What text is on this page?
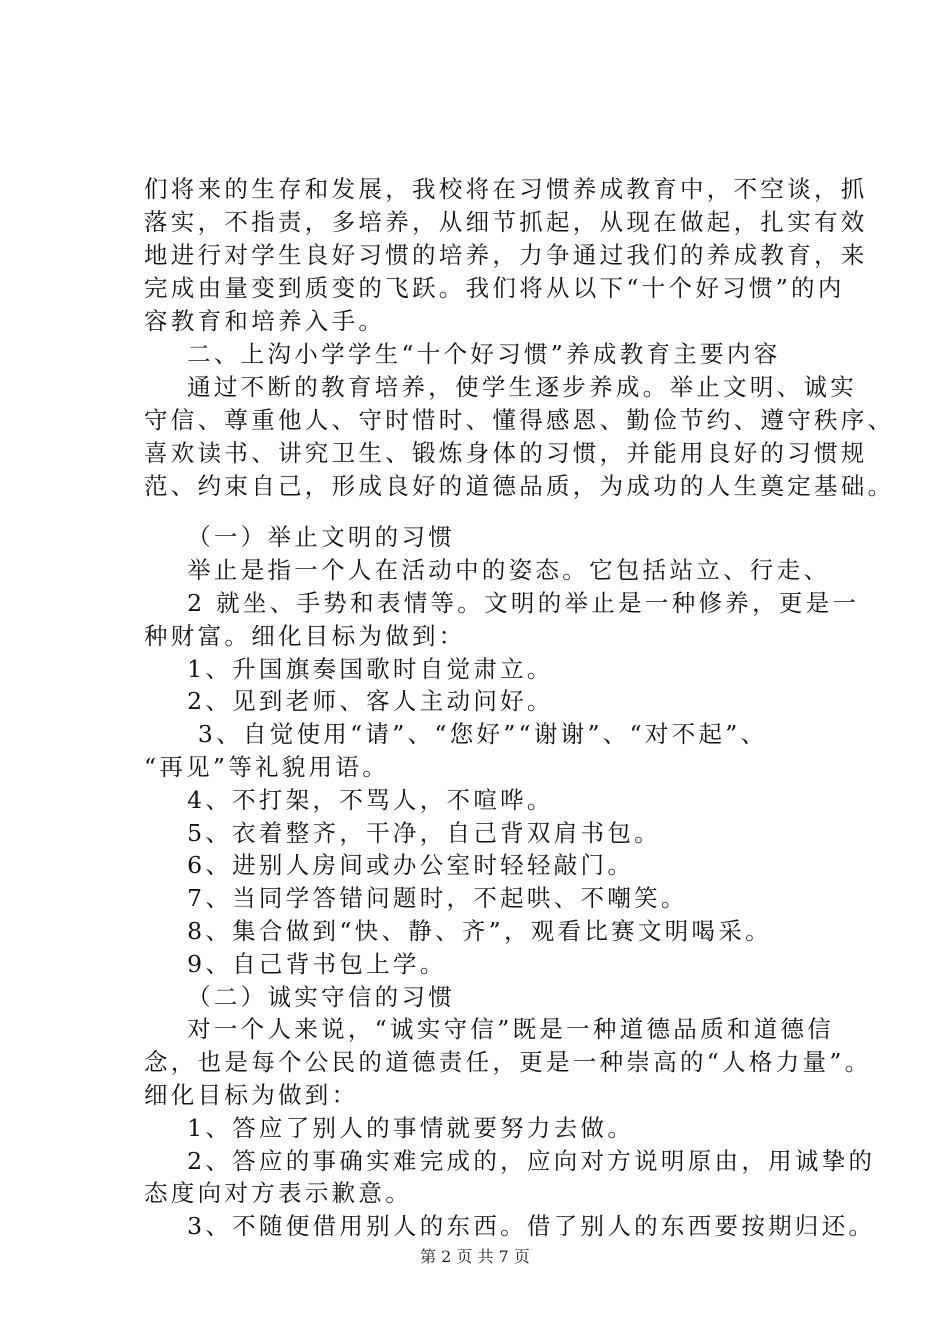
们将来的生存和发展，我校将在习惯养成教育中，不空谈，抓
落实，不指责，多培养，从细节抓起，从现在做起，扎实有效
地进行对学生良好习惯的培养，力争通过我们的养成教育，来
完成由量变到质变的飞跃。我们将从以下“十个好习惯”的内
容教育和培养入手。
二、上沟小学学生“十个好习惯”养成教育主要内容
通过不断的教育培养，使学生逐步养成。举止文明、诚实
守信、尊重他人、守时惜时、懂得感恩、勤俭节约、遵守秩序、
喜欢读书、讲究卫生、锻炼身体的习惯，并能用良好的习惯规
范、约束自己，形成良好的道德品质，为成功的人生奠定基础。
（一）举止文明的习惯
举止是指一个人在活动中的姿态。它包括站立、行走、
2 就坐、手势和表情等。文明的举止是一种修养，更是一
种财富。细化目标为做到：
1、升国旗奏国歌时自觉肃立。
2、见到老师、客人主动问好。
3、自觉使用“请”、“您好”“谢谢”、“对不起”、
“再见”等礼貌用语。
4、不打架，不骂人，不喧哗。
5、衣着整齐，干净，自己背双肩书包。
6、进别人房间或办公室时轻轻敲门。
7、当同学答错问题时，不起哄、不嘲笑。
8、集合做到“快、静、齐”，观看比赛文明喝采。
9、自己背书包上学。
（二）诚实守信的习惯
对一个人来说，“诚实守信”既是一种道德品质和道德信
念，也是每个公民的道德责任，更是一种崇高的“人格力量”。
细化目标为做到：
1、答应了别人的事情就要努力去做。
2、答应的事确实难完成的，应向对方说明原由，用诚挚的
态度向对方表示歉意。
3、不随便借用别人的东西。借了别人的东西要按期归还。
第 2 页 共 7 页
